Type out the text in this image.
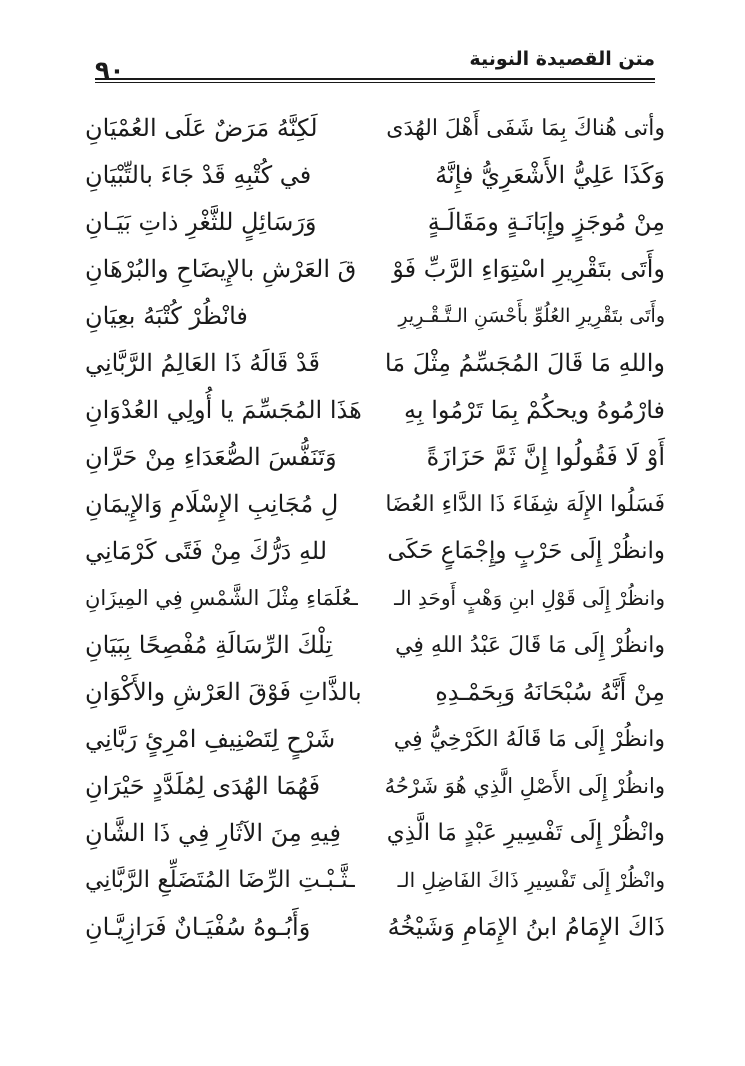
متن القصيدة النونية
٩٠
وأتى هُناكَ بِمَا شَفَى أَهْلَ الهُدَى
لَكِنَّهُ مَرَضٌ عَلَى العُمْيَانِ
وَكَذَا عَلِيُّ الأَشْعَرِيُّ فإِنَّهُ
في كُتْبِهِ قَدْ جَاءَ بالتِّبْيَانِ
مِنْ مُوجَزٍ وإِبَانَـةٍ ومَقَالَـةٍ
وَرَسَائِلٍ للثَّغْرِ ذاتِ بَيَـانِ
وأَتَى بتَقْرِيرِ اسْتِوَاءِ الرَّبِّ فَوْ
قَ العَرْشِ بالإِيضَاحِ والبُرْهَانِ
وأَتَى بتَقْرِيرِ العُلُوِّ بأَحْسَنِ الـتَّـقْـرِيرِ
فانْظُرْ كُتْبَهُ بعِيَانِ
واللهِ مَا قَالَ المُجَسِّمُ مِثْلَ مَا
قَدْ قَالَهُ ذَا العَالِمُ الرَّبَّانِي
فارْمُوهُ ويحكُمْ بِمَا تَرْمُوا بِهِ
هَذَا المُجَسِّمَ يا أُولِي العُدْوَانِ
أَوْ لَا فَقُولُوا إِنَّ ثَمَّ حَزَازَةً
وَتَنَفُّسَ الصُّعَدَاءِ مِنْ حَرَّانِ
فَسَلُوا الإِلَهَ شِفَاءَ ذَا الدَّاءِ العُضَا
لِ مُجَانِبِ الإِسْلَامِ وَالإِيمَانِ
وانظُرْ إِلَى حَرْبٍ وإِجْمَاعٍ حَكَى
للهِ دَرُّكَ مِنْ فَتًى كَرْمَانِي
وانظُرْ إِلَى قَوْلِ ابنِ وَهْبٍ أَوحَدِ الـ
ـعُلَمَاءِ مِثْلَ الشَّمْسِ فِي المِيزَانِ
وانظُرْ إِلَى مَا قَالَ عَبْدُ اللهِ فِي
تِلْكَ الرِّسَالَةِ مُفْصِحًا بِبَيَانِ
مِنْ أَنَّهُ سُبْحَانَهُ وَبِحَمْـدِهِ
بالذَّاتِ فَوْقَ العَرْشِ والأَكْوَانِ
وانظُرْ إِلَى مَا قَالَهُ الكَرْخِيُّ فِي
شَرْحٍ لِتَصْنِيفِ امْرِئٍ رَبَّانِي
وانظُرْ إِلَى الأَصْلِ الَّذِي هُوَ شَرْحُهُ
فَهُمَا الهُدَى لِمُلَدَّدٍ حَيْرَانِ
وانْظُرْ إِلَى تَفْسِيرِ عَبْدٍ مَا الَّذِي
فِيهِ مِنَ الآثَارِ فِي ذَا الشَّانِ
وانْظُرْ إِلَى تَفْسِيرِ ذَاكَ الفَاضِلِ الـ
ـثَّـبْـتِ الرِّضَا المُتَضَلِّعِ الرَّبَّانِي
ذَاكَ الإِمَامُ ابنُ الإِمَامِ وَشَيْخُهُ
وَأَبُـوهُ سُفْيَـانٌ فَرَازِيَّـانِ
